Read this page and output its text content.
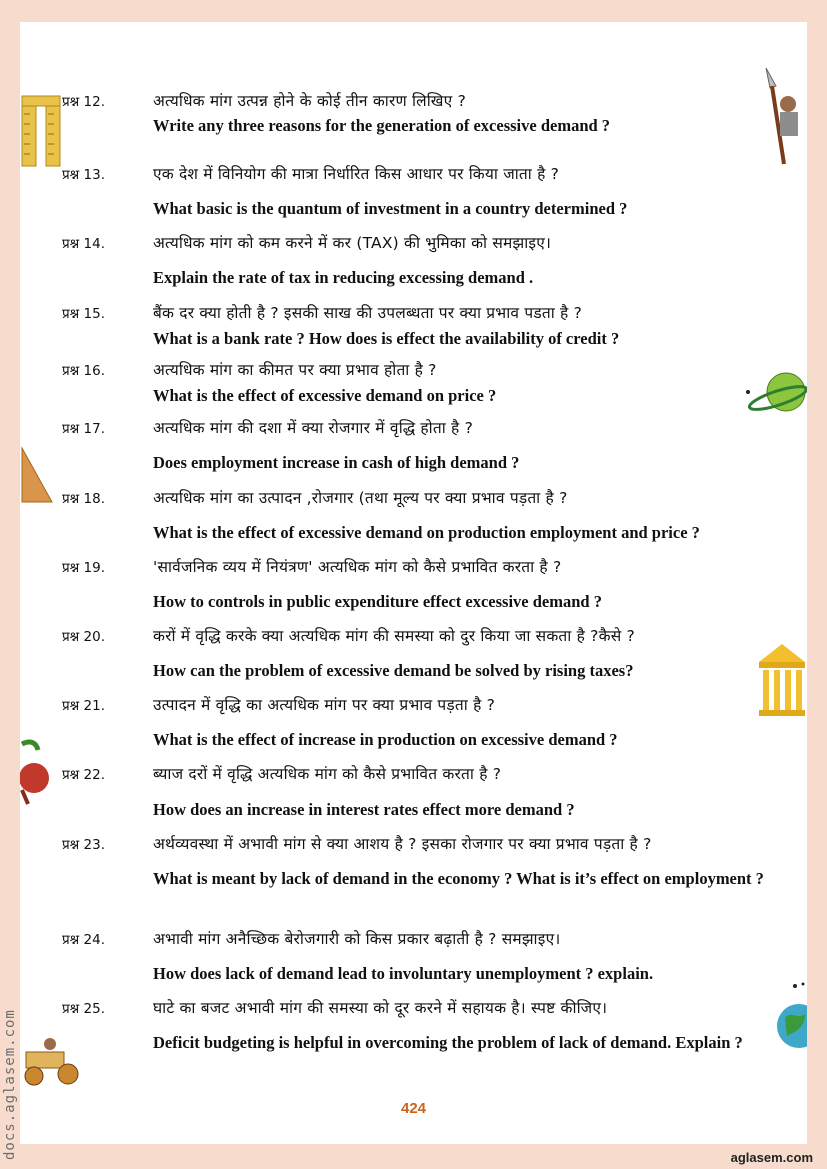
प्रश्न 12.	अत्यधिक मांग उत्पन्न होने के कोई तीन कारण लिखिए ?
Write any three reasons for the generation of excessive demand ?
प्रश्न 13.	एक देश में विनियोग की मात्रा निर्धारित किस आधार पर किया जाता है ?
What basic is the quantum of investment in a country determined ?
प्रश्न 14.	अत्यधिक मांग को कम करने में कर (TAX) की भुमिका को समझाइए।
Explain the rate of tax in reducing excessing demand .
प्रश्न 15.	बैंक दर क्या होती है ? इसकी साख की उपलब्धता पर क्या प्रभाव पडता है ?
What is a bank rate ? How does is effect the availability of credit ?
प्रश्न 16.	अत्यधिक मांग का कीमत पर क्या प्रभाव होता है ?
What is the effect of excessive demand on price ?
प्रश्न 17.	अत्यधिक मांग की दशा में क्या रोजगार में वृद्धि होता है ?
Does employment increase in cash of high demand ?
प्रश्न 18.	अत्यधिक मांग का उत्पादन ,रोजगार (तथा मूल्य पर क्या प्रभाव पड़ता है ?
What is the effect of excessive demand on production employment and price ?
प्रश्न 19.	'सार्वजनिक व्यय में नियंत्रण' अत्यधिक मांग को कैसे प्रभावित करता है ?
How to controls in public expenditure effect excessive demand ?
प्रश्न 20.	करों में वृद्धि करके क्या अत्यधिक मांग की समस्या को दुर किया जा सकता है ?कैसे ?
How can the problem of excessive demand be solved by rising taxes?
प्रश्न 21.	उत्पादन में वृद्धि का अत्यधिक मांग पर क्या प्रभाव पड़ता है ?
What is the effect of increase in production on excessive demand ?
प्रश्न 22.	ब्याज दरों में वृद्धि अत्यधिक मांग को कैसे प्रभावित करता है ?
How does an increase in interest rates effect more demand ?
प्रश्न 23.	अर्थव्यवस्था में अभावी मांग से क्या आशय है ? इसका रोजगार पर क्या प्रभाव पड़ता है ?
What is meant by lack of demand in the economy ? What is it’s effect on employment ?
प्रश्न 24.	अभावी मांग अनैच्छिक बेरोजगारी को किस प्रकार बढ़ाती है ? समझाइए।
How does lack of demand lead to involuntary unemployment ? explain.
प्रश्न 25.	घाटे का बजट अभावी मांग की समस्या को दूर करने में सहायक है। स्पष्ट कीजिए।
Deficit budgeting is helpful in overcoming the problem of lack of demand. Explain ?
424
docs.aglasem.com	aglasem.com
